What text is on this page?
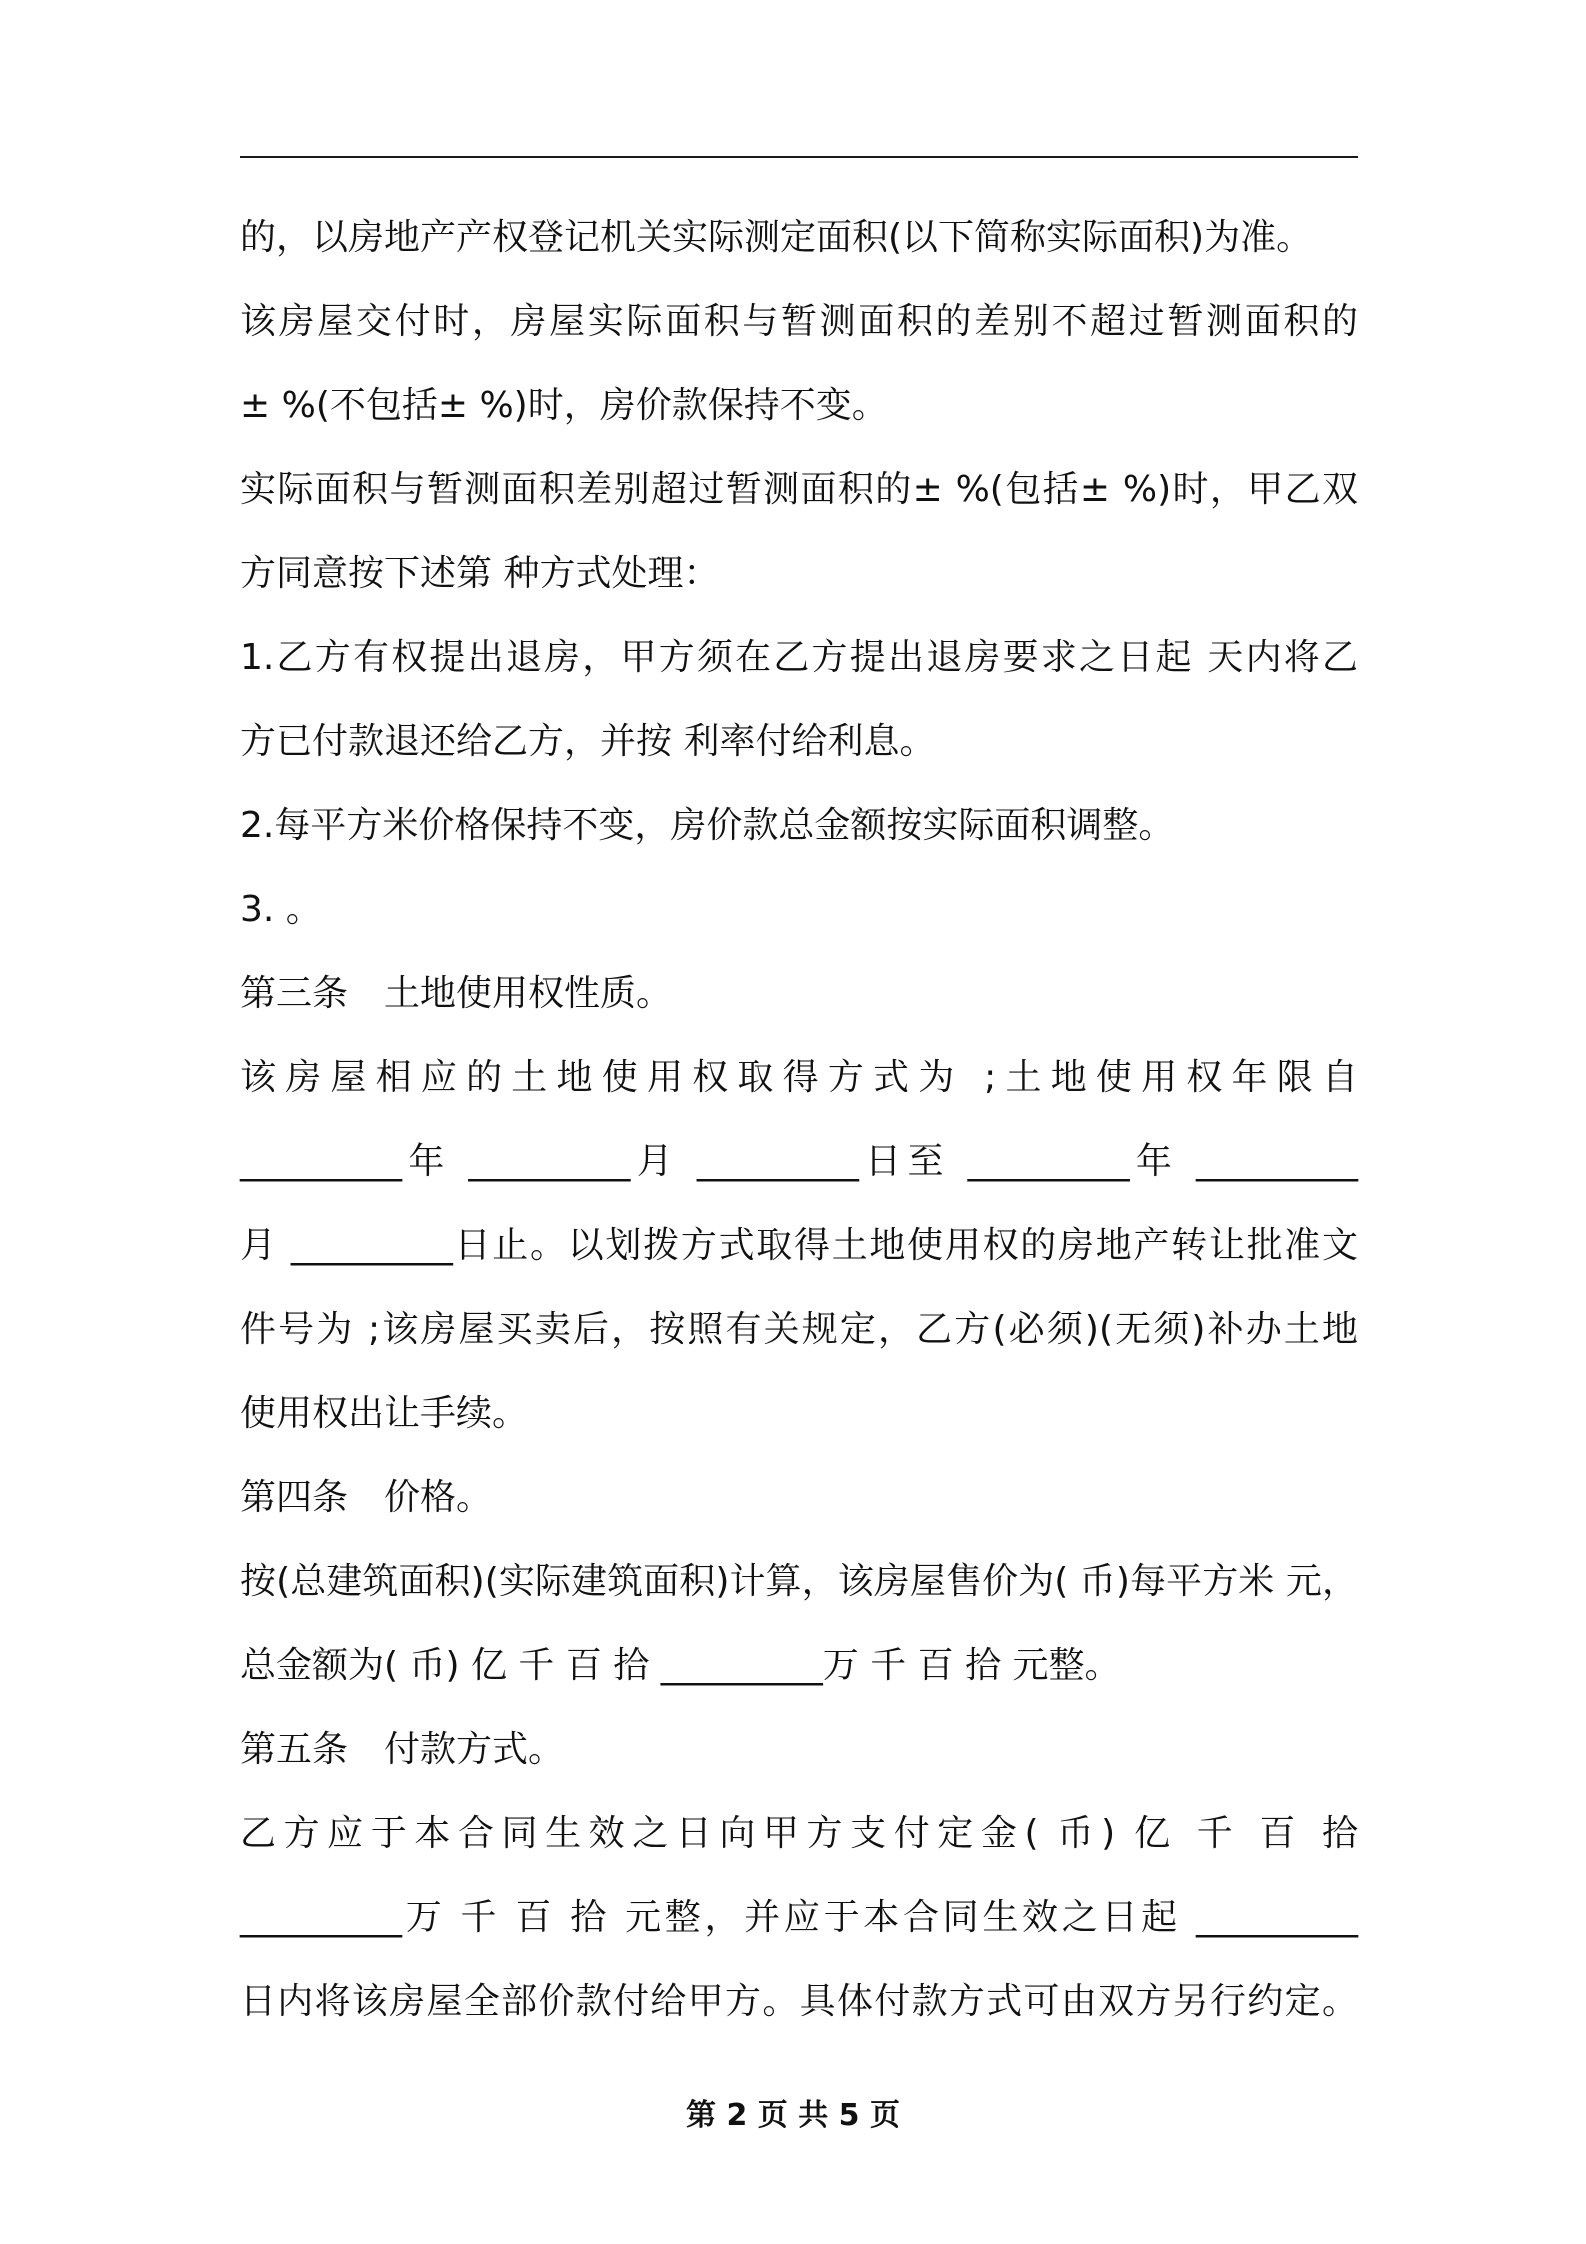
的，以房地产产权登记机关实际测定面积(以下简称实际面积)为准。
该房屋交付时，房屋实际面积与暂测面积的差别不超过暂测面积的
± %(不包括± %)时，房价款保持不变。
实际面积与暂测面积差别超过暂测面积的± %(包括± %)时，甲乙双
方同意按下述第 种方式处理：
1.乙方有权提出退房，甲方须在乙方提出退房要求之日起 天内将乙
方已付款退还给乙方，并按 利率付给利息。
2.每平方米价格保持不变，房价款总金额按实际面积调整。
3. 。
第三条　土地使用权性质。
该房屋相应的土地使用权取得方式为 ;土地使用权年限自
_________年 _________月 _________日至 _________年 _________
月 _________日止。以划拨方式取得土地使用权的房地产转让批准文
件号为 ;该房屋买卖后，按照有关规定，乙方(必须)(无须)补办土地
使用权出让手续。
第四条　价格。
按(总建筑面积)(实际建筑面积)计算，该房屋售价为( 币)每平方米 元，
总金额为( 币) 亿 千 百 拾 _________万 千 百 拾 元整。
第五条　付款方式。
乙方应于本合同生效之日向甲方支付定金( 币) 亿 千 百 拾
_________万 千 百 拾 元整，并应于本合同生效之日起 _________
日内将该房屋全部价款付给甲方。具体付款方式可由双方另行约定。
第 2 页 共 5 页
